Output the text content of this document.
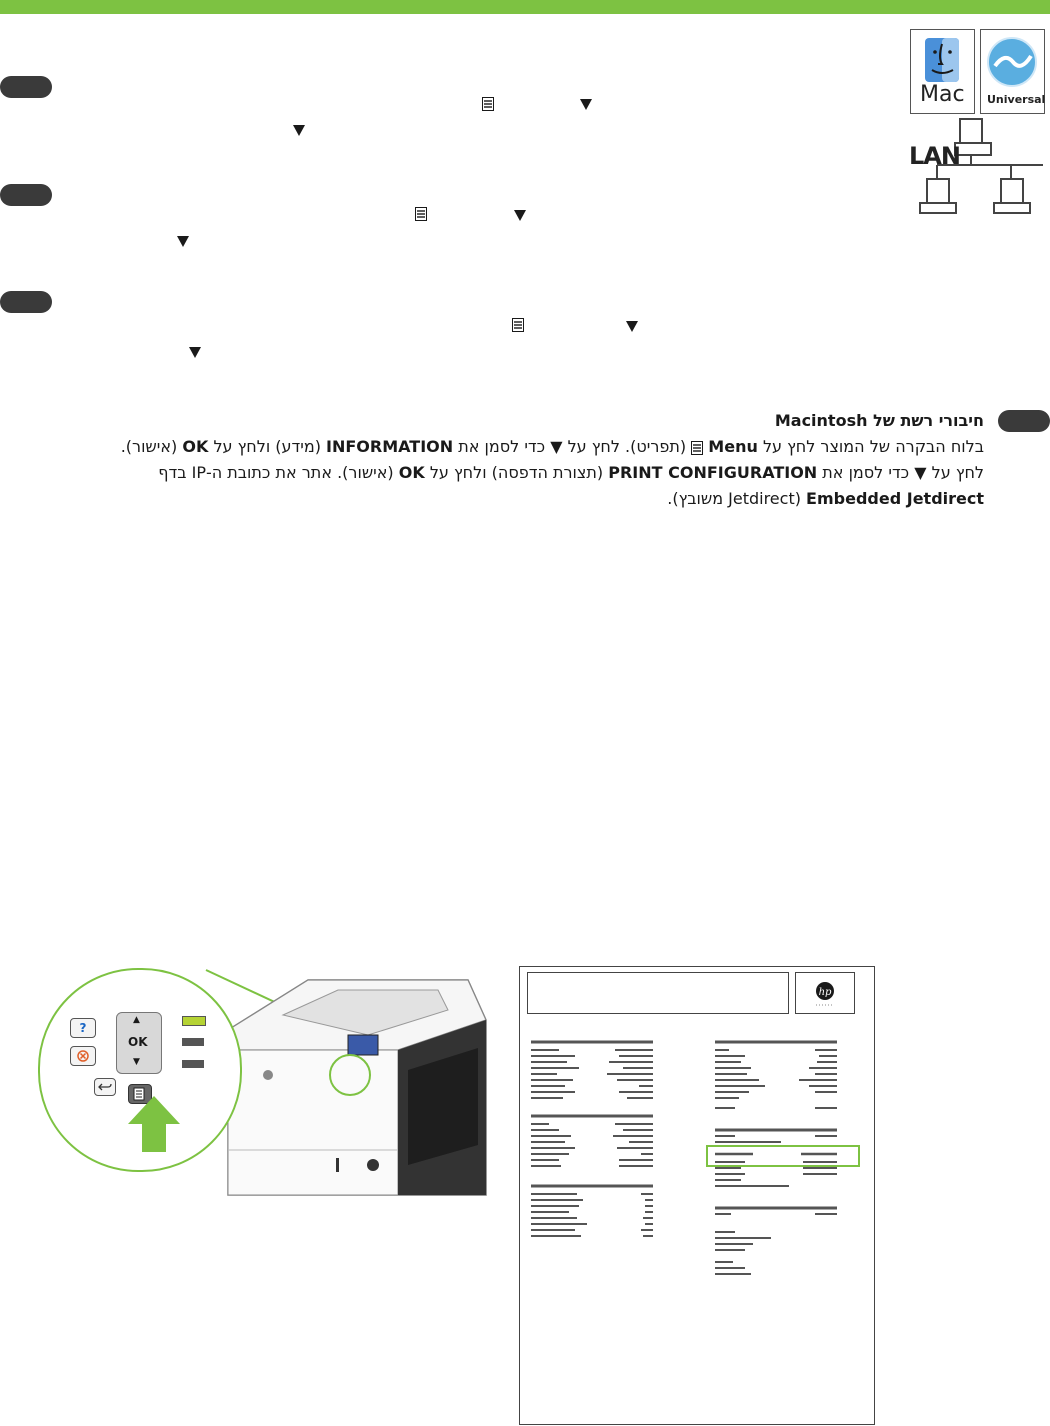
Mac Universal
LAN
חיבורי רשת של Macintosh
בלוח הבקרה של המוצר לחץ על Menu  (תפריט). לחץ על ▼ כדי לסמן את INFORMATION (מידע) ולחץ על OK (אישור).
לחץ על ▼ כדי לסמן את PRINT CONFIGURATION (תצורת הדפסה) ולחץ על OK (אישור). אתר את כתובת ה-IP בדף
Embedded Jetdirect (Jetdirect משובץ).
?
▲
OK
▼
hp
